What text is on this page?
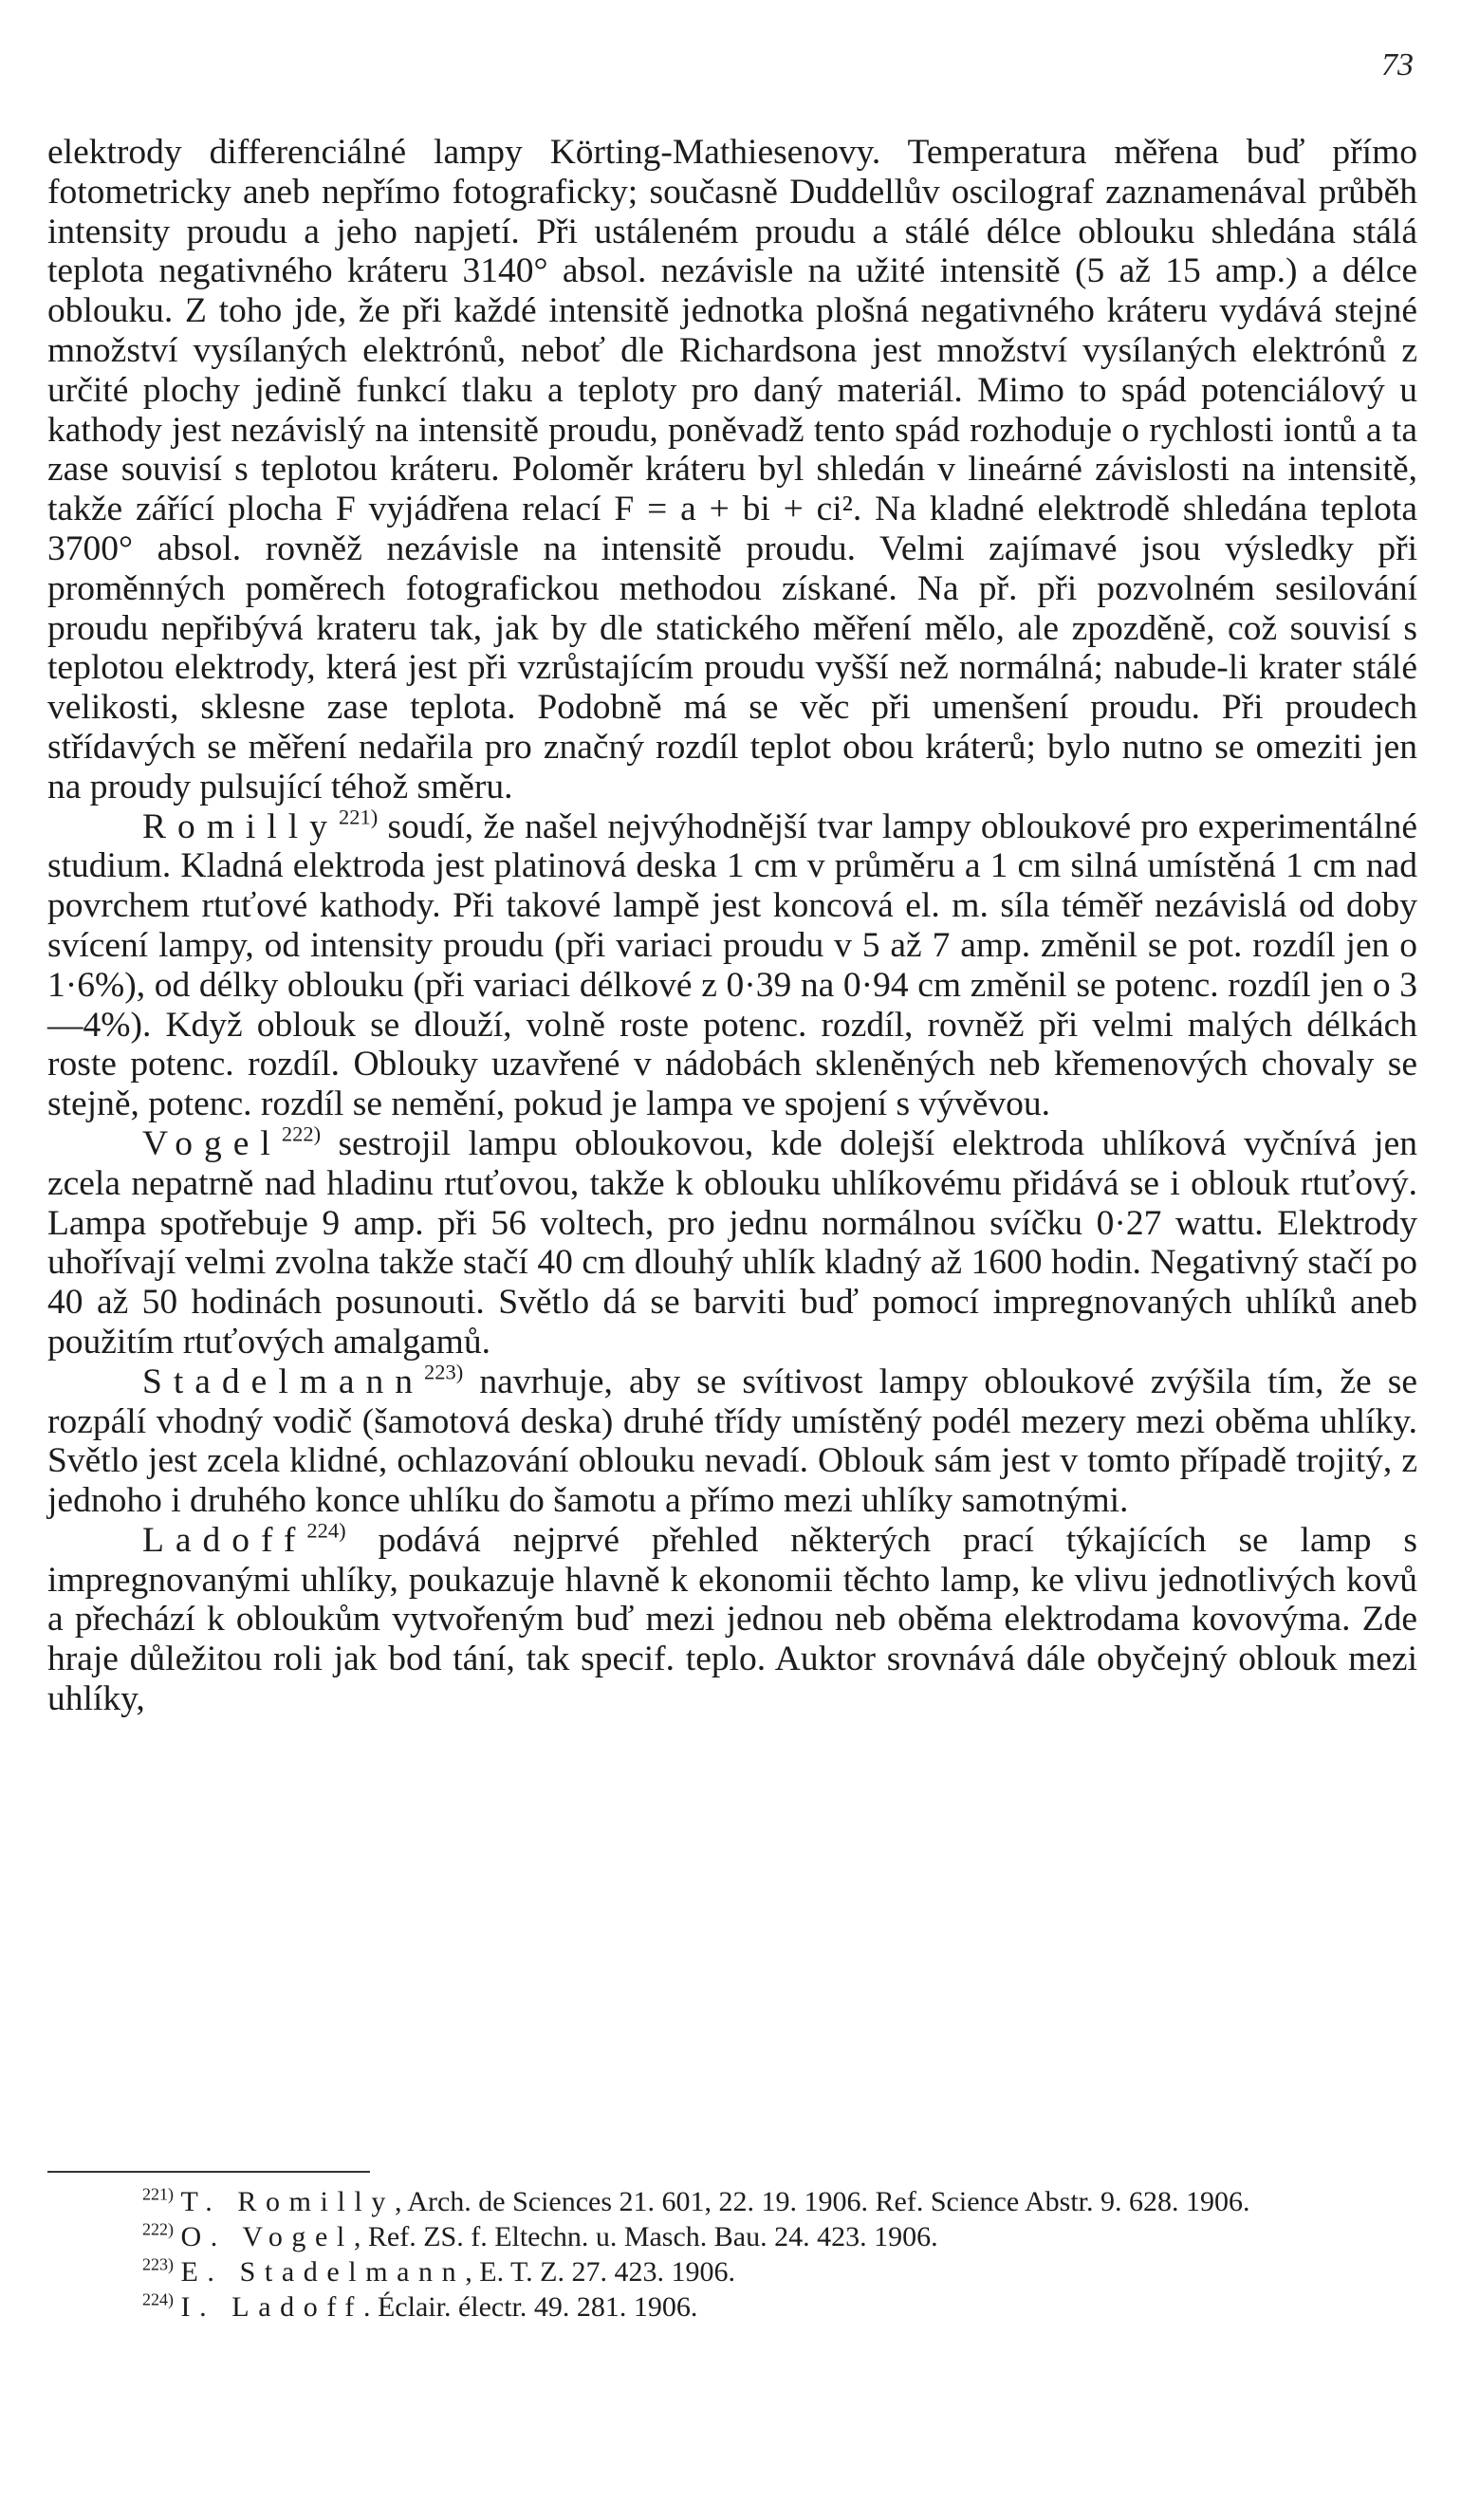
73

elektrody differenciálné lampy Körting-Mathiesenovy. Temperatura měřena buď přímo fotometricky aneb nepřímo fotograficky; současně Duddellův oscilograf zaznamenával průběh intensity proudu a jeho napjetí. Při ustáleném proudu a stálé délce oblouku shledána stálá teplota negativného kráteru 3140° absol. nezávisle na užité intensitě (5 až 15 amp.) a délce oblouku. Z toho jde, že při každé intensitě jednotka plošná negativného kráteru vydává stejné množství vysílaných elektrónů, neboť dle Richardsona jest množství vysílaných elektrónů z určité plochy jedině funkcí tlaku a teploty pro daný materiál. Mimo to spád potenciálový u kathody jest nezávislý na intensitě proudu, poněvadž tento spád rozhoduje o rychlosti iontů a ta zase souvisí s teplotou kráteru. Poloměr kráteru byl shledán v lineárné závislosti na intensitě, takže zářící plocha F vyjádřena relací F = a + bi + ci². Na kladné elektrodě shledána teplota 3700° absol. rovněž nezávisle na intensitě proudu. Velmi zajímavé jsou výsledky při proměnných poměrech fotografickou methodou získané. Na př. při pozvolném sesilování proudu nepřibývá krateru tak, jak by dle statického měření mělo, ale zpozděně, což souvisí s teplotou elektrody, která jest při vzrůstajícím proudu vyšší než normálná; nabude-li krater stálé velikosti, sklesne zase teplota. Podobně má se věc při umenšení proudu. Při proudech střídavých se měření nedařila pro značný rozdíl teplot obou kráterů; bylo nutno se omeziti jen na proudy pulsující téhož směru.

Romilly$^{221)}$ soudí, že našel nejvýhodnější tvar lampy obloukové pro experimentálné studium. Kladná elektroda jest platinová deska 1 cm v průměru a 1 cm silná umístěná 1 cm nad povrchem rtuťové kathody. Při takové lampě jest koncová el. m. síla téměř nezávislá od doby svícení lampy, od intensity proudu (při variaci proudu v 5 až 7 amp. změnil se pot. rozdíl jen o 1·6%), od délky oblouku (při variaci délkové z 0·39 na 0·94 cm změnil se potenc. rozdíl jen o 3—4%). Když oblouk se dlouží, volně roste potenc. rozdíl, rovněž při velmi malých délkách roste potenc. rozdíl. Oblouky uzavřené v nádobách skleněných neb křemenových chovaly se stejně, potenc. rozdíl se nemění, pokud je lampa ve spojení s vývěvou.

Vogel$^{222)}$ sestrojil lampu obloukovou, kde dolejší elektroda uhlíková vyčnívá jen zcela nepatrně nad hladinu rtuťovou, takže k oblouku uhlíkovému přidává se i oblouk rtuťový. Lampa spotřebuje 9 amp. při 56 voltech, pro jednu normálnou svíčku 0·27 wattu. Elektrody uhořívají velmi zvolna takže stačí 40 cm dlouhý uhlík kladný až 1600 hodin. Negativný stačí po 40 až 50 hodinách posunouti. Světlo dá se barviti buď pomocí impregnovaných uhlíků aneb použitím rtuťových amalgamů.

Stadelmann$^{223)}$ navrhuje, aby se svítivost lampy obloukové zvýšila tím, že se rozpálí vhodný vodič (šamotová deska) druhé třídy umístěný podél mezery mezi oběma uhlíky. Světlo jest zcela klidné, ochlazování oblouku nevadí. Oblouk sám jest v tomto případě trojitý, z jednoho i druhého konce uhlíku do šamotu a přímo mezi uhlíky samotnými.

Ladoff$^{224)}$ podává nejprvé přehled některých prací týkajících se lamp s impregnovanými uhlíky, poukazuje hlavně k ekonomii těchto lamp, ke vlivu jednotlivých kovů a přechází k obloukům vytvořeným buď mezi jednou neb oběma elektrodama kovovýma. Zde hraje důležitou roli jak bod tání, tak specif. teplo. Auktor srovnává dále obyčejný oblouk mezi uhlíky,

$^{221)}$ T. Romilly, Arch. de Sciences 21. 601, 22. 19. 1906. Ref. Science Abstr. 9. 628. 1906.

$^{222)}$ O. Vogel, Ref. ZS. f. Eltechn. u. Masch. Bau. 24. 423. 1906.

$^{223)}$ E. Stadelmann, E. T. Z. 27. 423. 1906.

$^{224)}$ I. Ladoff. Éclair. électr. 49. 281. 1906.
